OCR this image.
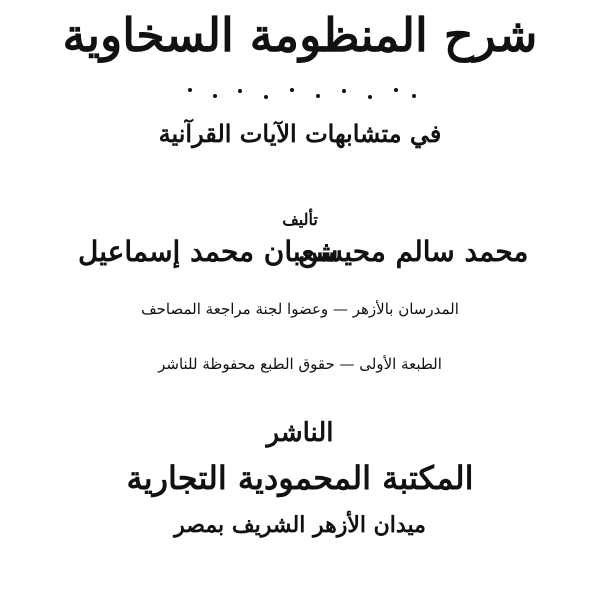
شرح المنظومة السخاوية
في متشابهات الآيات القرآنية
تأليف
محمد سالم محيسن
شعبان محمد إسماعيل
المدرسان بالأزهر — وعضوا لجنة مراجعة المصاحف
الطبعة الأولى — حقوق الطبع محفوظة للناشر
الناشر
المكتبة المحمودية التجارية
ميدان الأزهر الشريف بمصر
